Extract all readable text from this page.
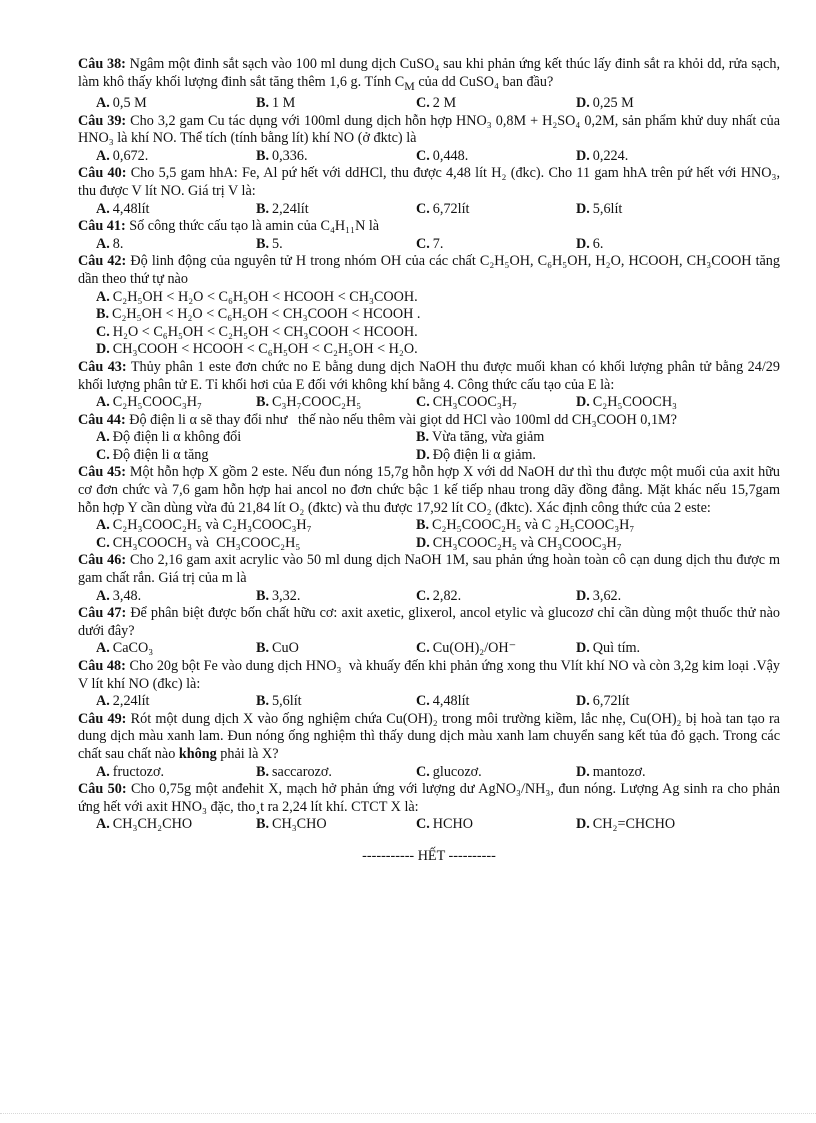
Câu 38: Ngâm một đinh sắt sạch vào 100 ml dung dịch CuSO₄ sau khi phản ứng kết thúc lấy đinh sắt ra khỏi dd, rửa sạch, làm khô thấy khối lượng đinh sắt tăng thêm 1,6 g. Tính $C_M$ của dd CuSO₄ ban đầu?
A. 0,5 M	B. 1 M	C. 2 M	D. 0,25 M
Câu 39: Cho 3,2 gam Cu tác dụng với 100ml dung dịch hỗn hợp HNO₃ 0,8M + H₂SO₄ 0,2M, sản phẩm khử duy nhất của HNO₃ là khí NO. Thể tích (tính bằng lít) khí NO (ở đktc) là
A. 0,672.	B. 0,336.	C. 0,448.	D. 0,224.
Câu 40: Cho 5,5 gam hhA: Fe, Al pứ hết với ddHCl, thu được 4,48 lít H₂ (đkc). Cho 11 gam hhA trên pứ hết với HNO₃, thu được V lít NO. Giá trị V là:
A. 4,48lít	B. 2,24lít	C. 6,72lít	D. 5,6lít
Câu 41: Số công thức cấu tạo là amin của C₄H₁₁N là
A. 8.	B. 5.	C. 7.	D. 6.
Câu 42: Độ linh động của nguyên tử H trong nhóm OH của các chất C₂H₅OH, C₆H₅OH, H₂O, HCOOH, CH₃COOH tăng dần theo thứ tự nào
A. C₂H₅OH < H₂O < C₆H₅OH < HCOOH < CH₃COOH.
B. C₂H₅OH < H₂O < C₆H₅OH < CH₃COOH < HCOOH .
C. H₂O < C₆H₅OH < C₂H₅OH < CH₃COOH < HCOOH.
D. CH₃COOH < HCOOH < C₆H₅OH < C₂H₅OH < H₂O.
Câu 43: Thủy phân 1 este đơn chức no E bằng dung dịch NaOH thu được muối khan có khối lượng phân tử bằng 24/29 khối lượng phân tử E. Tỉ khối hơi của E đối với không khí bằng 4. Công thức cấu tạo của E là:
A. C₂H₅COOC₃H₇	B. C₃H₇COOC₂H₅	C. CH₃COOC₃H₇	D. C₂H₅COOCH₃
Câu 44: Độ điện li α sẽ thay đổi như   thế nào nếu thêm vài giọt dd HCl vào 100ml dd CH₃COOH 0,1M?
A. Độ điện li α không đổi	B. Vừa tăng, vừa giảm
C. Độ điện li α tăng	D. Độ điện li α giảm.
Câu 45: Một hỗn hợp X gồm 2 este. Nếu đun nóng 15,7g hỗn hợp X với dd NaOH dư thì thu được một muối của axit hữu cơ đơn chức và 7,6 gam hỗn hợp hai ancol no đơn chức bậc 1 kế tiếp nhau trong dãy đồng đẳng. Mặt khác nếu 15,7gam hỗn hợp Y cần dùng vừa đủ 21,84 lít O₂ (đktc) và thu được 17,92 lít CO₂ (đktc). Xác định công thức của 2 este:
A. C₂H₃COOC₂H₅ và C₂H₃COOC₃H₇	B. C₂H₅COOC₂H₅ và C ₂H₅COOC₃H₇
C. CH₃COOCH₃ và  CH₃COOC₂H₅	D. CH₃COOC₂H₅ và CH₃COOC₃H₇
Câu 46: Cho 2,16 gam axit acrylic vào 50 ml dung dịch NaOH 1M, sau phản ứng hoàn toàn cô cạn dung dịch thu được m gam chất rắn. Giá trị của m là
A. 3,48.	B. 3,32.	C. 2,82.	D. 3,62.
Câu 47: Để phân biệt được bốn chất hữu cơ: axit axetic, glixerol, ancol etylic và glucozơ chỉ cần dùng một thuốc thử nào dưới đây?
A. CaCO₃	B. CuO	C. Cu(OH)₂/OH⁻	D. Quì tím.
Câu 48: Cho 20g bột Fe vào dung dịch HNO₃  và khuấy đến khi phản ứng xong thu Vlít khí NO và còn 3,2g kim loại .Vậy V lít khí NO (đkc) là:
A. 2,24lít	B. 5,6lít	C. 4,48lít	D. 6,72lít
Câu 49: Rót một dung dịch X vào ống nghiệm chứa Cu(OH)₂ trong môi trường kiềm, lắc nhẹ, Cu(OH)₂ bị hoà tan tạo ra dung dịch màu xanh lam. Đun nóng ống nghiệm thì thấy dung dịch màu xanh lam chuyển sang kết tủa đỏ gạch. Trong các chất sau chất nào không phải là X?
A. fructozơ.	B. saccarozơ.	C. glucozơ.	D. mantozơ.
Câu 50: Cho 0,75g một anđehit X, mạch hở phản ứng với lượng dư AgNO₃/NH₃, đun nóng. Lượng Ag sinh ra cho phản ứng hết với axit HNO₃ đặc, tho¸t ra 2,24 lít khí. CTCT X là:
A. CH₃CH₂CHO	B. CH₃CHO	C. HCHO	D. CH₂=CHCHO
----------- HẾT ----------
